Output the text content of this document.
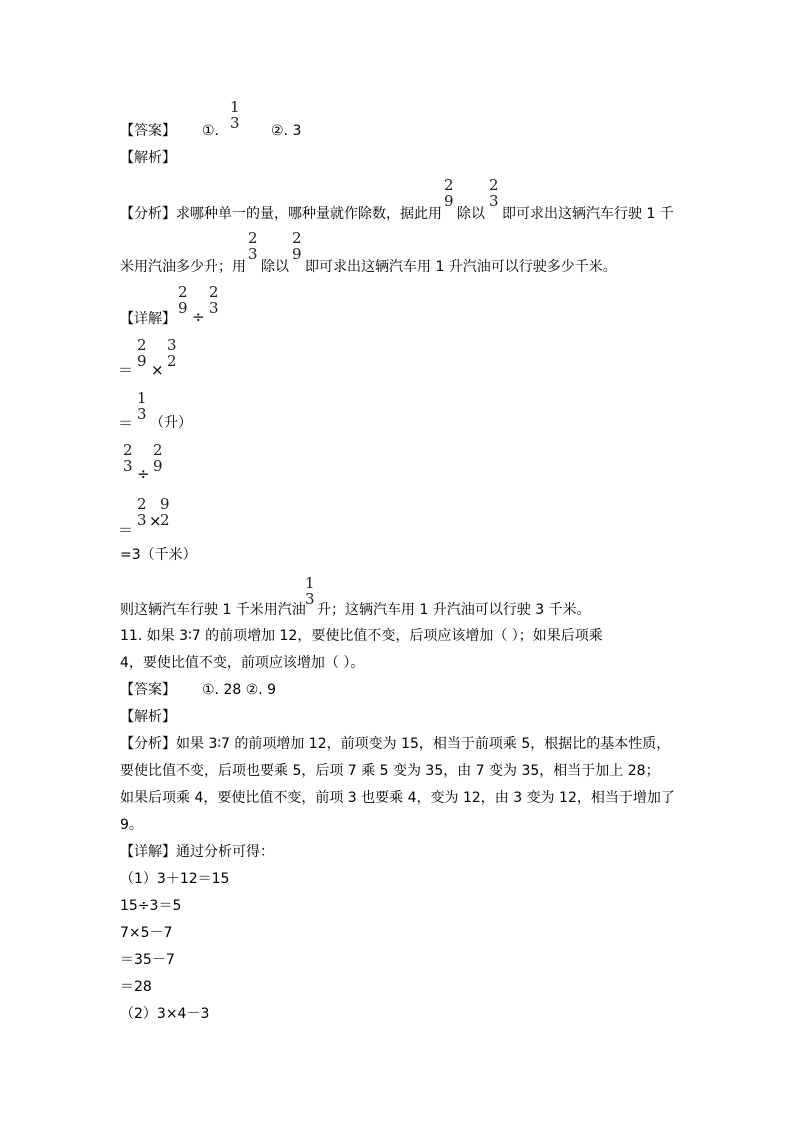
【答案】 ①.
1
3 ②. 3
【解析】
【分析】求哪种单一的量，哪种量就作除数，据此用
2
9
除以
2
3
即可求出这辆汽车行驶 1 千
米用汽油多少升；用
2
3
除以
2
9
即可求出这辆汽车用 1 升汽油可以行驶多少千米。
【详解】
2
9 ÷
2
3
＝
2
9 ×
3
2
＝
1
3 （升）
2
3 ÷
2
9
＝
2
3 ×
9
2
=3（千米）
则这辆汽车行驶 1 千米用汽油
1
3
升；这辆汽车用 1 升汽油可以行驶 3 千米。
11. 如果 3∶7 的前项增加 12，要使比值不变，后项应该增加（ ）；如果后项乘
4，要使比值不变，前项应该增加（ ）。
【答案】 ①. 28 ②. 9
【解析】
【分析】如果 3∶7 的前项增加 12，前项变为 15，相当于前项乘 5，根据比的基本性质，
要使比值不变，后项也要乘 5，后项 7 乘 5 变为 35，由 7 变为 35，相当于加上 28；
如果后项乘 4，要使比值不变，前项 3 也要乘 4，变为 12，由 3 变为 12，相当于增加了
9。
【详解】通过分析可得：
（1）3＋12＝15
15÷3＝5
7×5－7
＝35－7
＝28
（2）3×4－3
